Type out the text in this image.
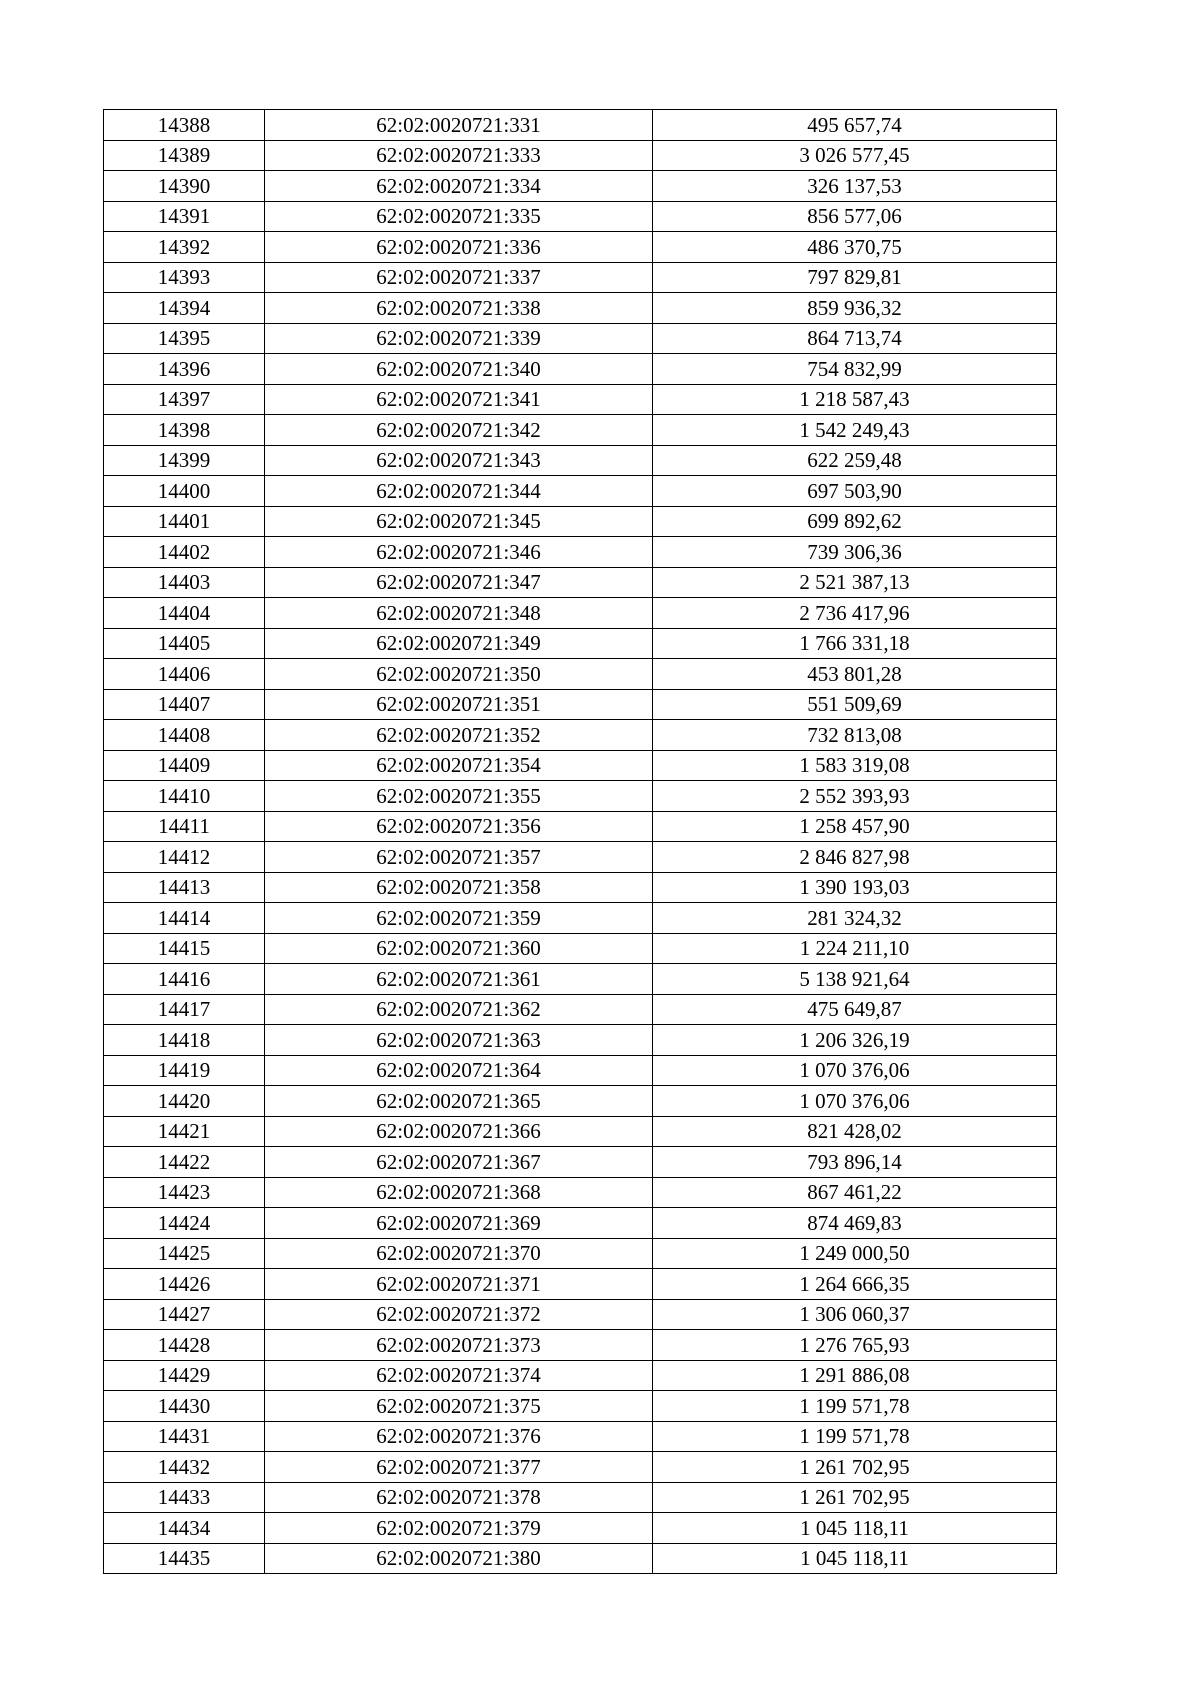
14388	62:02:0020721:331	495 657,74
14389	62:02:0020721:333	3 026 577,45
14390	62:02:0020721:334	326 137,53
14391	62:02:0020721:335	856 577,06
14392	62:02:0020721:336	486 370,75
14393	62:02:0020721:337	797 829,81
14394	62:02:0020721:338	859 936,32
14395	62:02:0020721:339	864 713,74
14396	62:02:0020721:340	754 832,99
14397	62:02:0020721:341	1 218 587,43
14398	62:02:0020721:342	1 542 249,43
14399	62:02:0020721:343	622 259,48
14400	62:02:0020721:344	697 503,90
14401	62:02:0020721:345	699 892,62
14402	62:02:0020721:346	739 306,36
14403	62:02:0020721:347	2 521 387,13
14404	62:02:0020721:348	2 736 417,96
14405	62:02:0020721:349	1 766 331,18
14406	62:02:0020721:350	453 801,28
14407	62:02:0020721:351	551 509,69
14408	62:02:0020721:352	732 813,08
14409	62:02:0020721:354	1 583 319,08
14410	62:02:0020721:355	2 552 393,93
14411	62:02:0020721:356	1 258 457,90
14412	62:02:0020721:357	2 846 827,98
14413	62:02:0020721:358	1 390 193,03
14414	62:02:0020721:359	281 324,32
14415	62:02:0020721:360	1 224 211,10
14416	62:02:0020721:361	5 138 921,64
14417	62:02:0020721:362	475 649,87
14418	62:02:0020721:363	1 206 326,19
14419	62:02:0020721:364	1 070 376,06
14420	62:02:0020721:365	1 070 376,06
14421	62:02:0020721:366	821 428,02
14422	62:02:0020721:367	793 896,14
14423	62:02:0020721:368	867 461,22
14424	62:02:0020721:369	874 469,83
14425	62:02:0020721:370	1 249 000,50
14426	62:02:0020721:371	1 264 666,35
14427	62:02:0020721:372	1 306 060,37
14428	62:02:0020721:373	1 276 765,93
14429	62:02:0020721:374	1 291 886,08
14430	62:02:0020721:375	1 199 571,78
14431	62:02:0020721:376	1 199 571,78
14432	62:02:0020721:377	1 261 702,95
14433	62:02:0020721:378	1 261 702,95
14434	62:02:0020721:379	1 045 118,11
14435	62:02:0020721:380	1 045 118,11
